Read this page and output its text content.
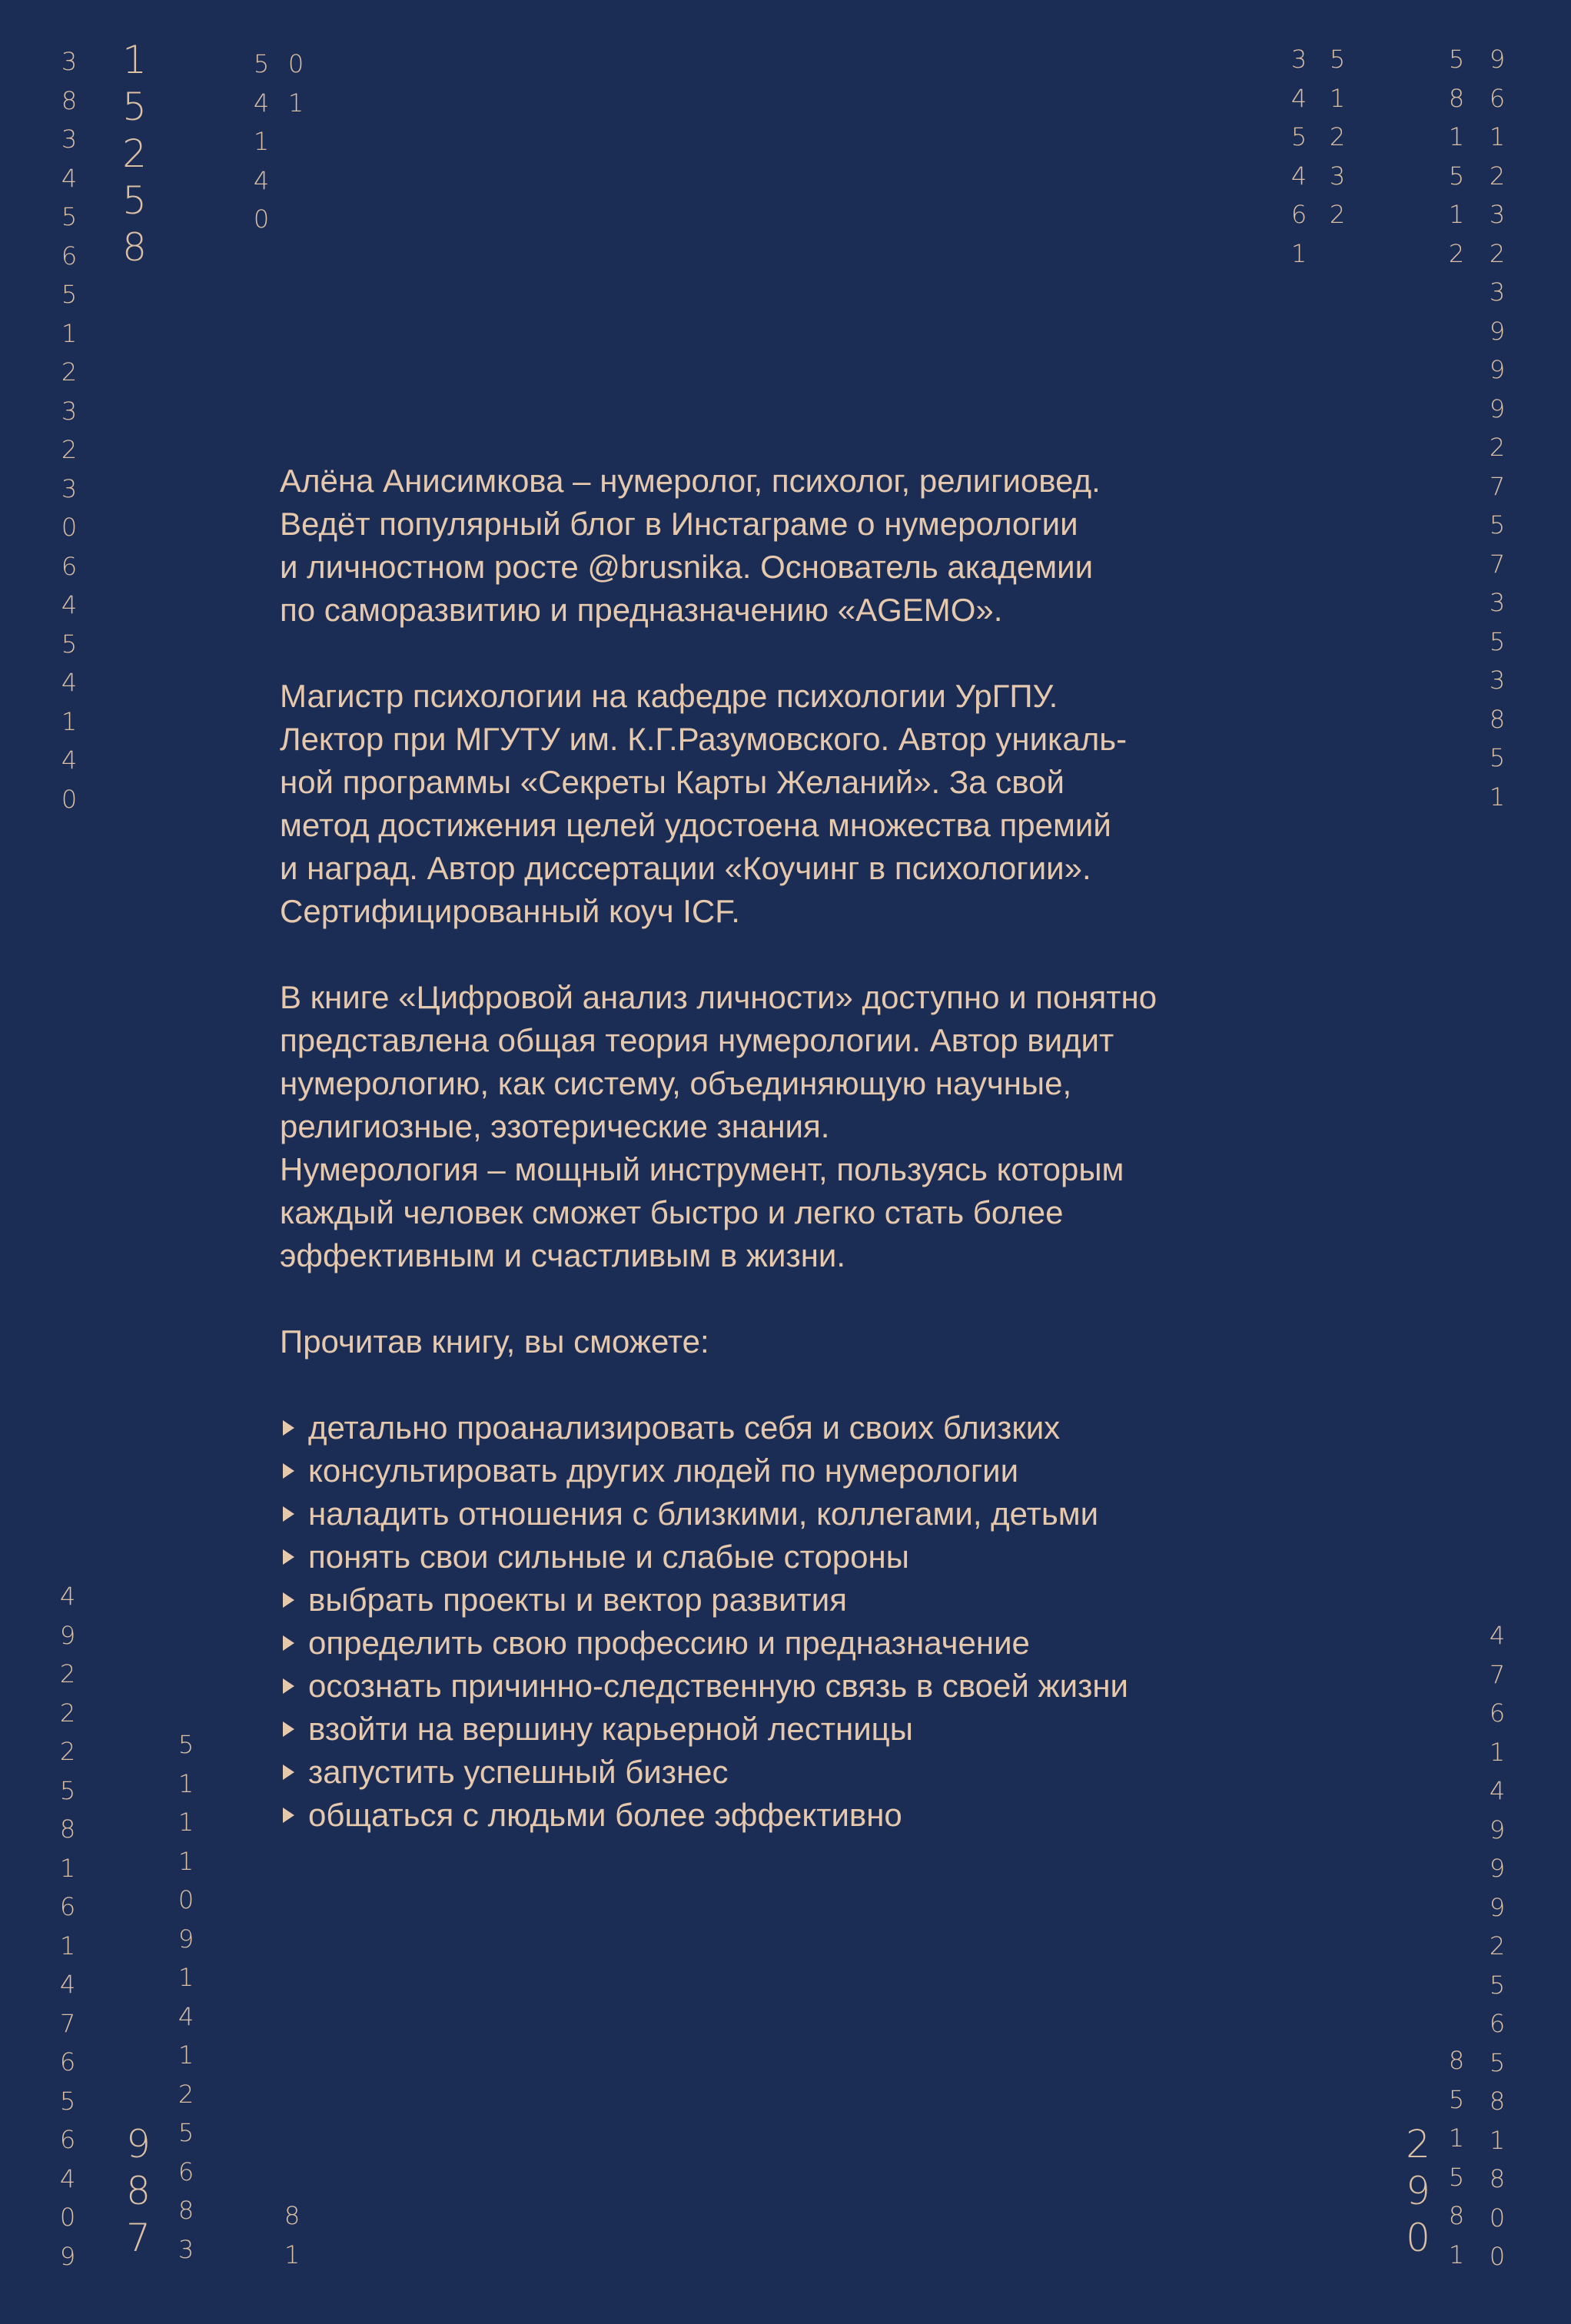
3
8
3
4
5
6
5
1
2
3
2
3
0
6
4
5
4
1
4
0
1
5
2
5
8
5
4
1
4
0
0
1
3
4
5
4
6
1
5
1
2
3
2
5
8
1
5
1
2
9
6
1
2
3
2
3
9
9
9
2
7
5
7
3
5
3
8
5
1
4
9
2
2
2
5
8
1
6
1
4
7
6
5
6
4
0
9
5
1
1
1
0
9
1
4
1
2
5
6
8
3
9
8
7	8
1
8
5
1
5
8
1
2
9
0
4
7
6
1
4
9
9
9
2
5
6
5
8
1
8
0
0

Алёна Анисимкова – нумеролог, психолог, религиовед.
Ведёт популярный блог в Инстаграме о нумерологии
и личностном росте @brusnika. Основатель академии
по саморазвитию и предназначению «AGEMO».

Магистр психологии на кафедре психологии УрГПУ.
Лектор при МГУТУ им. К.Г.Разумовского. Автор уникаль-
ной программы «Секреты Карты Желаний». За свой
метод достижения целей удостоена множества премий
и наград. Автор диссертации «Коучинг в психологии».
Сертифицированный коуч ICF.

В книге «Цифровой анализ личности» доступно и понятно
представлена общая теория нумерологии. Автор видит
нумерологию, как систему, объединяющую научные,
религиозные, эзотерические знания.
Нумерология – мощный инструмент, пользуясь которым
каждый человек сможет быстро и легко стать более
эффективным и счастливым в жизни.

Прочитав книгу, вы сможете:

детально проанализировать себя и своих близких
консультировать других людей по нумерологии
наладить отношения с близкими, коллегами, детьми
понять свои сильные и слабые стороны
выбрать проекты и вектор развития
определить свою профессию и предназначение
осознать причинно-следственную связь в своей жизни
взойти на вершину карьерной лестницы
запустить успешный бизнес
общаться с людьми более эффективно
